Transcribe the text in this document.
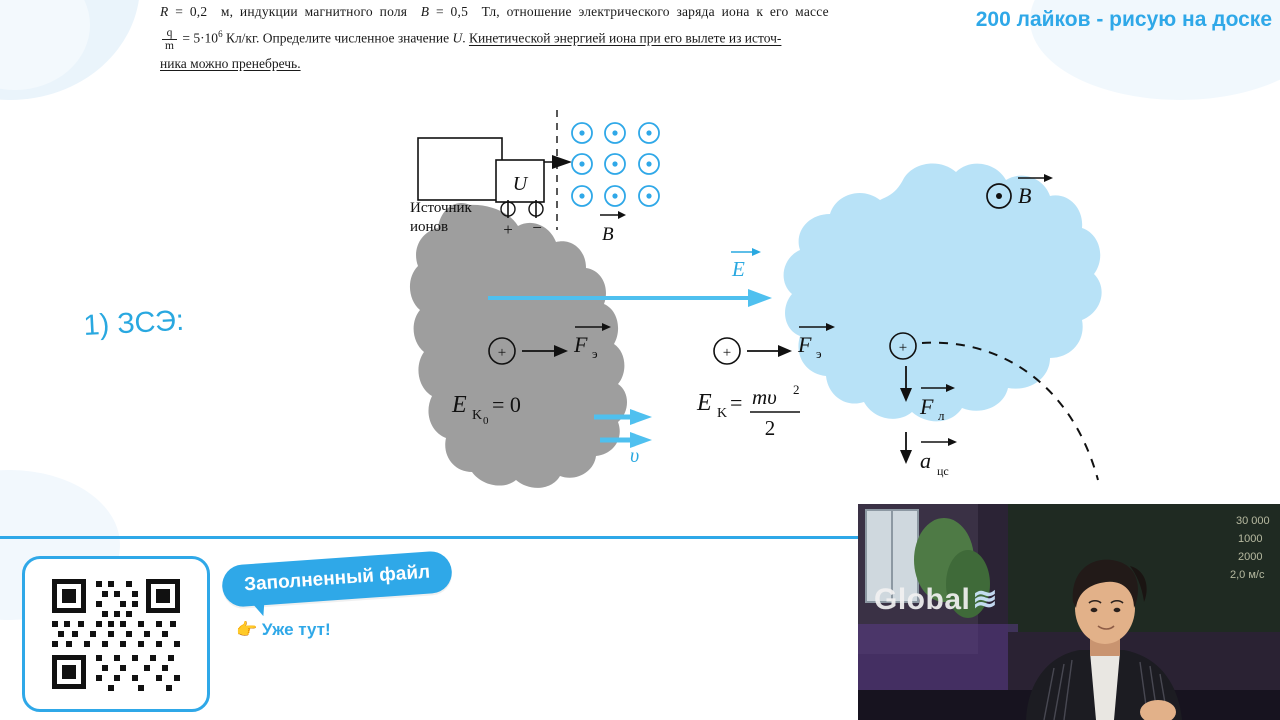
R = 0,2  м, индукции магнитного поля  B = 0,5  Тл, отношение электрического заряда иона к его массе
$\frac{q}{m} = 5\cdot 10^6$ Кл/кг. Определите численное значение U. Кинетической энергией иона при его вылете из источ-
ника можно пренебречь.
200 лайков - рисую на доске
U
+ −
Источник
ионов	B
E
+	F э
E K 0
= 0
υ
+	F э
E K = mυ 2
2
B
+
F л
a цс
1) ЗСЭ:
Заполненный файл
👉 Уже тут!
30 000
1000
2000
2,0 м/с
Global≋
